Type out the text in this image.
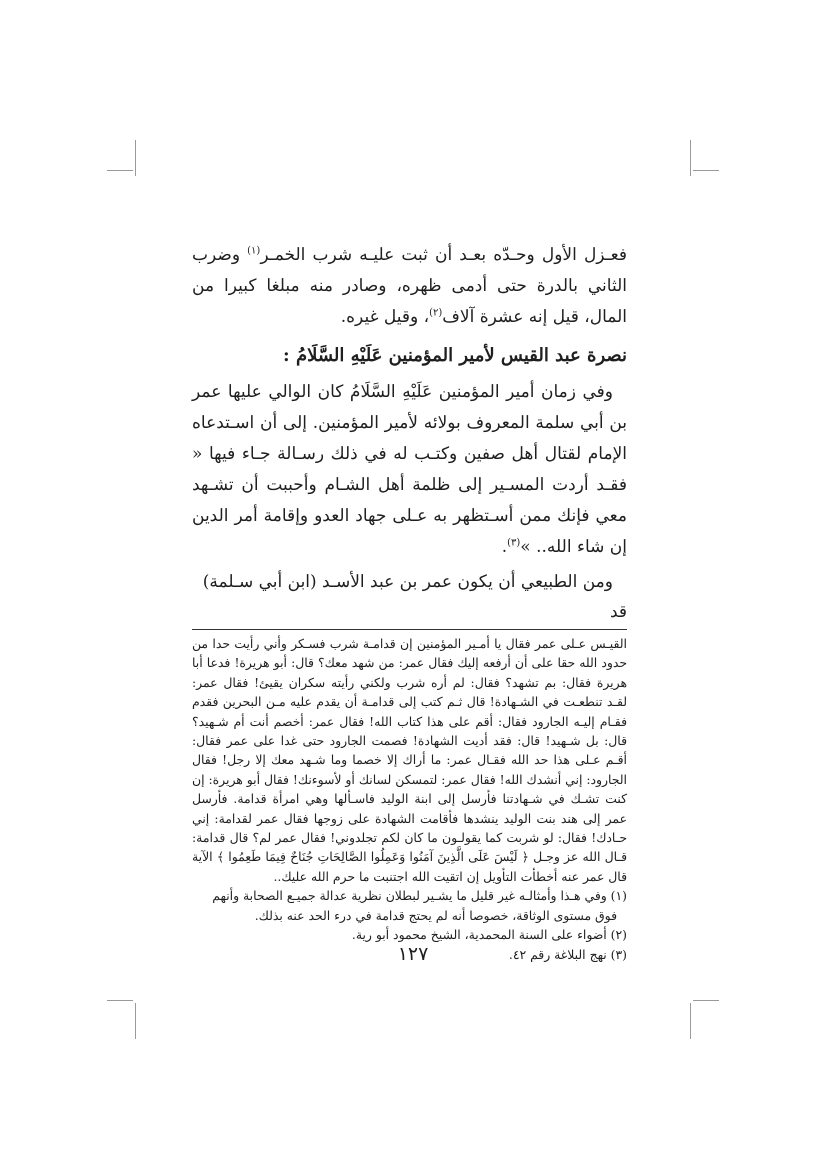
فعـزل الأول وحـدّه بعـد أن ثبت عليـه شرب الخمـر$^{(١)}$ وضرب الثاني بالدرة حتى أدمى ظهره، وصادر منه مبلغا كبيرا من المال، قيل إنه عشرة آلاف$^{(٢)}$، وقيل غيره.

نصرة عبد القيس لأمير المؤمنين عَلَيْهِ السَّلَامُ :

وفي زمان أمير المؤمنين عَلَيْهِ السَّلَامُ كان الوالي عليها عمر بن أبي سلمة المعروف بولائه لأمير المؤمنين. إلى أن اسـتدعاه الإمام لقتال أهل صفين وكتـب له في ذلك رسـالة جـاء فيها « فقـد أردت المسـير إلى ظلمة أهل الشـام وأحببت أن تشـهد معي فإنك ممن أسـتظهر به عـلى جهاد العدو وإقامة أمر الدين إن شاء الله.. »$^{(٣)}$.

ومن الطبيعي أن يكون عمر بن عبد الأسـد (ابن أبي سـلمة) قد

القيـس عـلى عمر فقال يا أمـير المؤمنين إن قدامـة شرب فسـكر وأني رأيت حدا من حدود الله حقا على أن أرفعه إليك فقال عمر: من شهد معك؟ قال: أبو هريرة! فدعا أبا هريرة فقال: بم تشهد؟ فقال: لم أره شرب ولكني رأيته سكران يقيئ! فقال عمر: لقـد تنطعـت في الشـهادة! قال ثـم كتب إلى قدامـة أن يقدم عليه مـن البحرين فقدم فقـام إليـه الجارود فقال: أقم على هذا كتاب الله! فقال عمر: أخصم أنت أم شـهيد؟ قال: بل شـهيد! قال: فقد أديت الشهادة! فصمت الجارود حتى غدا على عمر فقال: أقـم عـلى هذا حد الله فقـال عمر: ما أراك إلا خصما وما شـهد معك إلا رجل! فقال الجارود: إني أنشدك الله! فقال عمر: لتمسكن لسانك أو لأسوءنك! فقال أبو هريرة: إن كنت تشـك في شـهادتنا فأرسل إلى ابنة الوليد فاسـألها وهي امرأة قدامة. فأرسل عمر إلى هند بنت الوليد ينشدها فأقامت الشهادة على زوجها فقال عمر لقدامة: إني حـادك! فقال: لو شربت كما يقولـون ما كان لكم تجلدوني! فقال عمر لم؟ قال قدامة: قـال الله عز وجـل ﴿ لَيْسَ عَلَى الَّذِينَ آمَنُوا وَعَمِلُوا الصَّالِحَاتِ جُنَاحٌ فِيمَا طَعِمُوا ﴾ الآية قال عمر عنه أخطأت التأويل إن اتقيت الله اجتنبت ما حرم الله عليك..

(١) وفي هـذا وأمثالـه غير قليل ما يشـير لبطلان نظرية عدالة جميـع الصحابة وأنهم فوق مستوى الوثاقة، خصوصا أنه لم يحتج قدامة في درء الحد عنه بذلك.

(٢) أضواء على السنة المحمدية، الشيخ محمود أبو رية.

(٣) نهج البلاغة رقم ٤٢.

١٢٧
